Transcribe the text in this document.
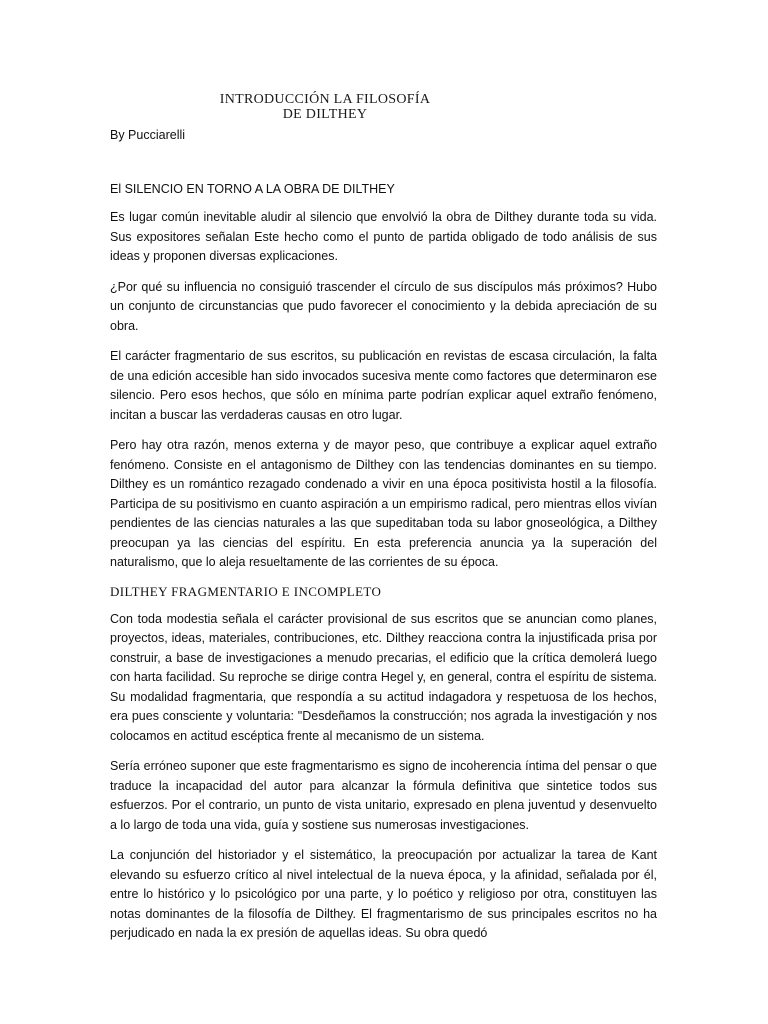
INTRODUCCIÓN LA FILOSOFÍA
DE DILTHEY
By Pucciarelli
El SILENCIO EN TORNO A LA OBRA DE DILTHEY

Es lugar común inevitable aludir al silencio que envolvió la obra de Dilthey durante toda su vida. Sus expositores señalan Este hecho como el punto de partida obligado de todo análisis de sus ideas y proponen diversas explicaciones.

¿Por qué su influencia no consiguió trascender el círculo de sus discípulos más próximos? Hubo un conjunto de circunstancias que pudo favorecer el conocimiento y la debida apreciación de su obra.

El carácter fragmentario de sus escritos, su publicación en revistas de escasa circulación, la falta de una edición accesible han sido invocados sucesiva mente como factores que determinaron ese silencio. Pero esos hechos, que sólo en mínima parte podrían explicar aquel extraño fenómeno, incitan a buscar las verdaderas causas en otro lugar.

Pero hay otra razón, menos externa y de mayor peso, que contribuye a explicar aquel extraño fenómeno. Consiste en el antagonismo de Dilthey con las tendencias dominantes en su tiempo. Dilthey es un romántico rezagado condenado a vivir en una época positivista hostil a la filosofía. Participa de su positivismo en cuanto aspiración a un empirismo radical, pero mientras ellos vivían pendientes de las ciencias naturales a las que supeditaban toda su labor gnoseológica, a Dilthey preocupan ya las ciencias del espíritu. En esta preferencia anuncia ya la superación del naturalismo, que lo aleja resueltamente de las corrientes de su época.

DILTHEY FRAGMENTARIO E INCOMPLETO

Con toda modestia señala el carácter provisional de sus escritos que se anuncian como planes, proyectos, ideas, materiales, contribuciones, etc. Dilthey reacciona contra la injustificada prisa por construir, a base de investigaciones a menudo precarias, el edificio que la crítica demolerá luego con harta facilidad. Su reproche se dirige contra Hegel y, en general, contra el espíritu de sistema. Su modalidad fragmentaria, que respondía a su actitud indagadora y respetuosa de los hechos, era pues consciente y voluntaria: "Desdeñamos la construcción; nos agrada la investigación y nos colocamos en actitud escéptica frente al mecanismo de un sistema.

Sería erróneo suponer que este fragmentarismo es signo de incoherencia íntima del pensar o que traduce la incapacidad del autor para alcanzar la fórmula definitiva que sintetice todos sus esfuerzos. Por el contrario, un punto de vista unitario, expresado en plena juventud y desenvuelto a lo largo de toda una vida, guía y sostiene sus numerosas investigaciones.

La conjunción del historiador y el sistemático, la preocupación por actualizar la tarea de Kant elevando su esfuerzo crítico al nivel intelectual de la nueva época, y la afinidad, señalada por él, entre lo histórico y lo psicológico por una parte, y lo poético y religioso por otra, constituyen las notas dominantes de la filosofía de Dilthey. El fragmentarismo de sus principales escritos no ha perjudicado en nada la ex presión de aquellas ideas. Su obra quedó
